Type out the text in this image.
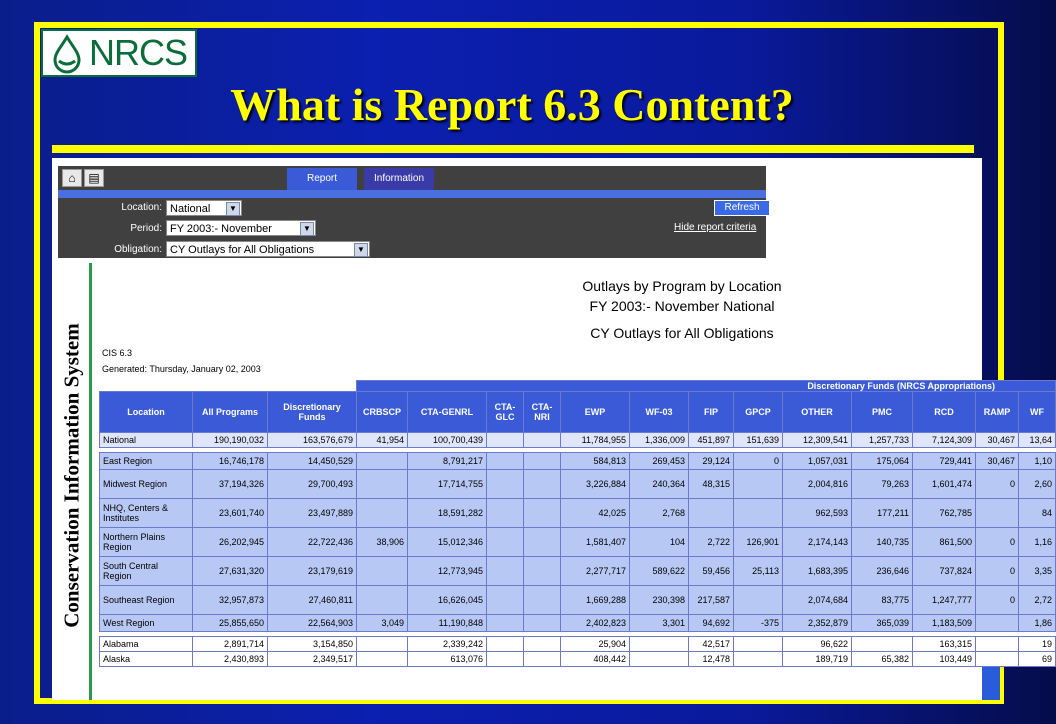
NRCS
What is Report 6.3 Content?
⌂	▤	Report	Information
Location: National	▼
Period: FY 2003:- November	▼
Obligation: CY Outlays for All Obligations	▼
Refresh
Hide report criteria
Conservation Information System
Outlays by Program by Location
FY 2003:- November National
CY Outlays for All Obligations
CIS 6.3
Generated: Thursday, January 02, 2003
			Discretionary Funds (NRCS Appropriations)												
Location	All Programs	Discretionary Funds	CRBSCP	CTA-GENRL	CTA-GLC	CTA-NRI	EWP	WF-03	FIP	GPCP	OTHER	PMC	RCD	RAMP	WF
National	190,190,032	163,576,679	41,954	100,700,439			11,784,955	1,336,009	451,897	151,639	12,309,541	1,257,733	7,124,309	30,467	13,64

East Region	16,746,178	14,450,529		8,791,217			584,813	269,453	29,124	0	1,057,031	175,064	729,441	30,467	1,10
Midwest Region	37,194,326	29,700,493		17,714,755			3,226,884	240,364	48,315		2,004,816	79,263	1,601,474	0	2,60
NHQ, Centers & Institutes	23,601,740	23,497,889		18,591,282			42,025	2,768			962,593	177,211	762,785		84
Northern Plains Region	26,202,945	22,722,436	38,906	15,012,346			1,581,407	104	2,722	126,901	2,174,143	140,735	861,500	0	1,16
South Central Region	27,631,320	23,179,619		12,773,945			2,277,717	589,622	59,456	25,113	1,683,395	236,646	737,824	0	3,35
Southeast Region	32,957,873	27,460,811		16,626,045			1,669,288	230,398	217,587		2,074,684	83,775	1,247,777	0	2,72
West Region	25,855,650	22,564,903	3,049	11,190,848			2,402,823	3,301	94,692	-375	2,352,879	365,039	1,183,509		1,86

Alabama	2,891,714	3,154,850		2,339,242			25,904		42,517		96,622		163,315		19
Alaska	2,430,893	2,349,517		613,076			408,442		12,478		189,719	65,382	103,449		69
